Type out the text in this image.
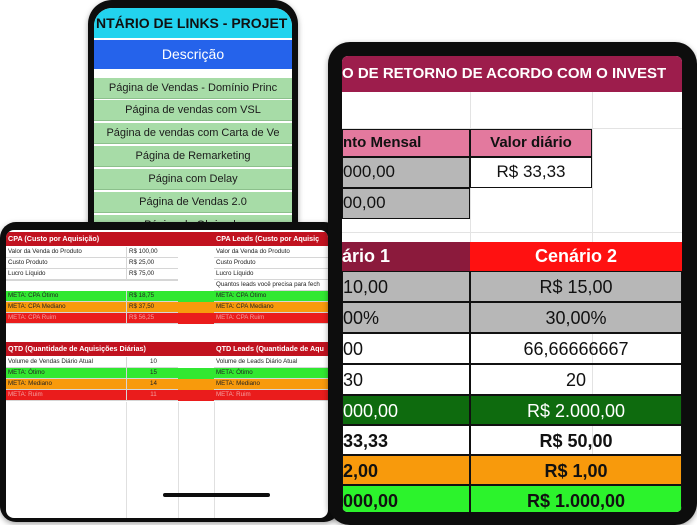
NTÁRIO DE LINKS - PROJET
Descrição
Página de Vendas - Domínio Princ
Página de vendas com VSL
Página de vendas com Carta de Ve
Página de Remarketing
Página com Delay
Página de Vendas 2.0
CPA (Custo por Aquisição)
Valor da Venda do Produto	R$ 100,00
Custo Produto	R$ 25,00
Lucro Líquido	R$ 75,00
META: CPA Ótimo	R$ 18,75
META: CPA Mediano	R$ 37,50
META: CPA Ruim	R$ 56,25
CPA Leads (Custo por Aquisiç
Valor da Venda do Produto
Custo Produto
Lucro Líquido
Quantos leads você precisa para fech
META: CPA Ótimo
META: CPA Mediano
META: CPA Ruim
QTD (Quantidade de Aquisições Diárias)
Volume de Vendas Diário Atual	10
META: Ótimo	15
META: Mediano	14
META: Ruim	11
QTD Leads (Quantidade de Aqu
Volume de Leads Diário Atual
META: Ótimo
META: Mediano
META: Ruim
O DE RETORNO DE ACORDO COM O INVEST
nto Mensal	Valor diário
000,00	R$ 33,33
00,00
ário 1	Cenário 2
10,00	R$ 15,00
00%	30,00%
00	66,66666667
30	20
000,00	R$ 2.000,00
33,33	R$ 50,00
2,00	R$ 1,00
000,00	R$ 1.000,00
